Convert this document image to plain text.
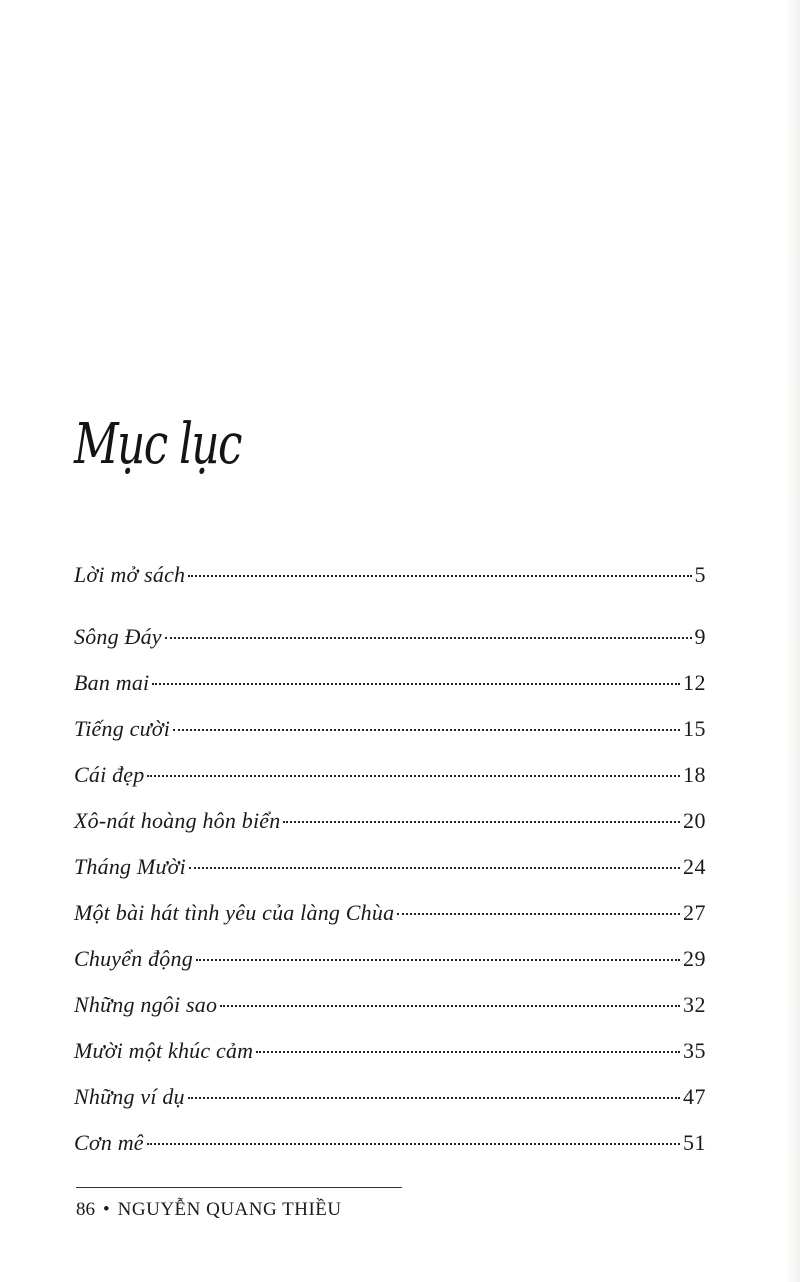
Mục lục
Lời mở sách	5
Sông Đáy	9
Ban mai	12
Tiếng cười	15
Cái đẹp	18
Xô-nát hoàng hôn biển	20
Tháng Mười	24
Một bài hát tình yêu của làng Chùa	27
Chuyển động	29
Những ngôi sao	32
Mười một khúc cảm	35
Những ví dụ	47
Cơn mê	51
86 • NGUYỄN QUANG THIỀU
